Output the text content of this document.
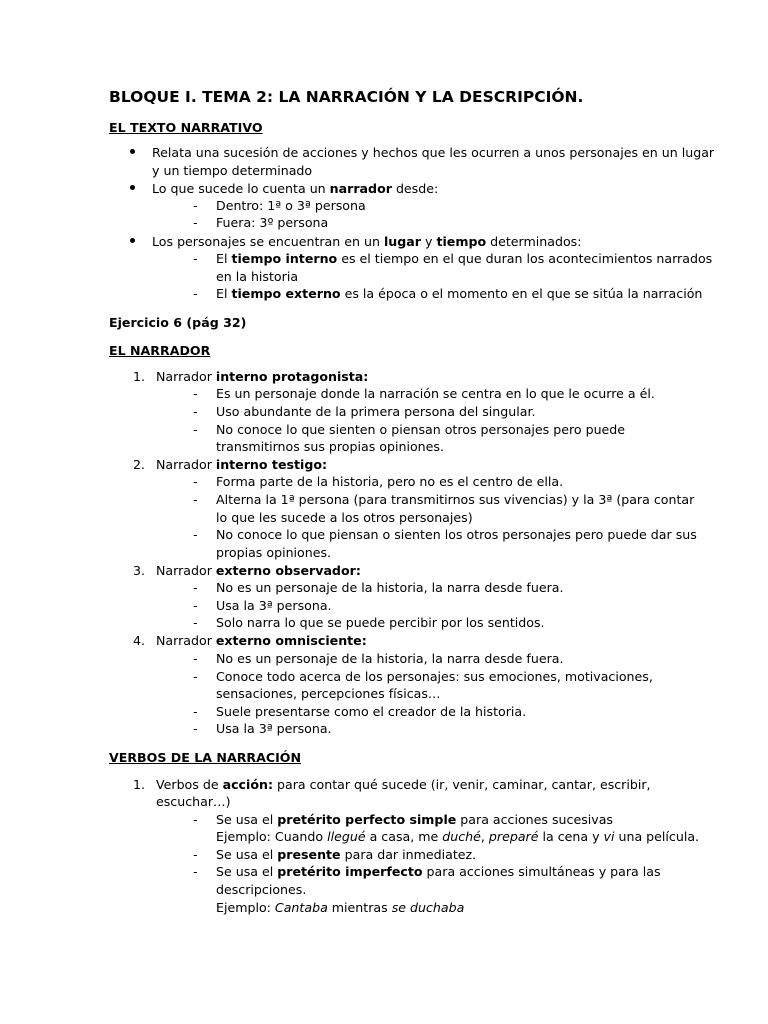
BLOQUE I. TEMA 2: LA NARRACIÓN Y LA DESCRIPCIÓN.
EL TEXTO NARRATIVO
Relata una sucesión de acciones y hechos que les ocurren a unos personajes en un lugar
y un tiempo determinado
Lo que sucede lo cuenta un narrador desde:
- Dentro: 1ª o 3ª persona
- Fuera: 3º persona
Los personajes se encuentran en un lugar y tiempo determinados:
- El tiempo interno es el tiempo en el que duran los acontecimientos narrados
en la historia
- El tiempo externo es la época o el momento en el que se sitúa la narración
Ejercicio 6 (pág 32)
EL NARRADOR
1. Narrador interno protagonista:
- Es un personaje donde la narración se centra en lo que le ocurre a él.
- Uso abundante de la primera persona del singular.
- No conoce lo que sienten o piensan otros personajes pero puede
transmitirnos sus propias opiniones.
2. Narrador interno testigo:
- Forma parte de la historia, pero no es el centro de ella.
- Alterna la 1ª persona (para transmitirnos sus vivencias) y la 3ª (para contar
lo que les sucede a los otros personajes)
- No conoce lo que piensan o sienten los otros personajes pero puede dar sus
propias opiniones.
3. Narrador externo observador:
- No es un personaje de la historia, la narra desde fuera.
- Usa la 3ª persona.
- Solo narra lo que se puede percibir por los sentidos.
4. Narrador externo omnisciente:
- No es un personaje de la historia, la narra desde fuera.
- Conoce todo acerca de los personajes: sus emociones, motivaciones,
sensaciones, percepciones físicas…
- Suele presentarse como el creador de la historia.
- Usa la 3ª persona.
VERBOS DE LA NARRACIÓN
1. Verbos de acción: para contar qué sucede (ir, venir, caminar, cantar, escribir,
escuchar…)
- Se usa el pretérito perfecto simple para acciones sucesivas
Ejemplo: Cuando llegué a casa, me duché, preparé la cena y vi una película.
- Se usa el presente para dar inmediatez.
- Se usa el pretérito imperfecto para acciones simultáneas y para las
descripciones.
Ejemplo: Cantaba mientras se duchaba
